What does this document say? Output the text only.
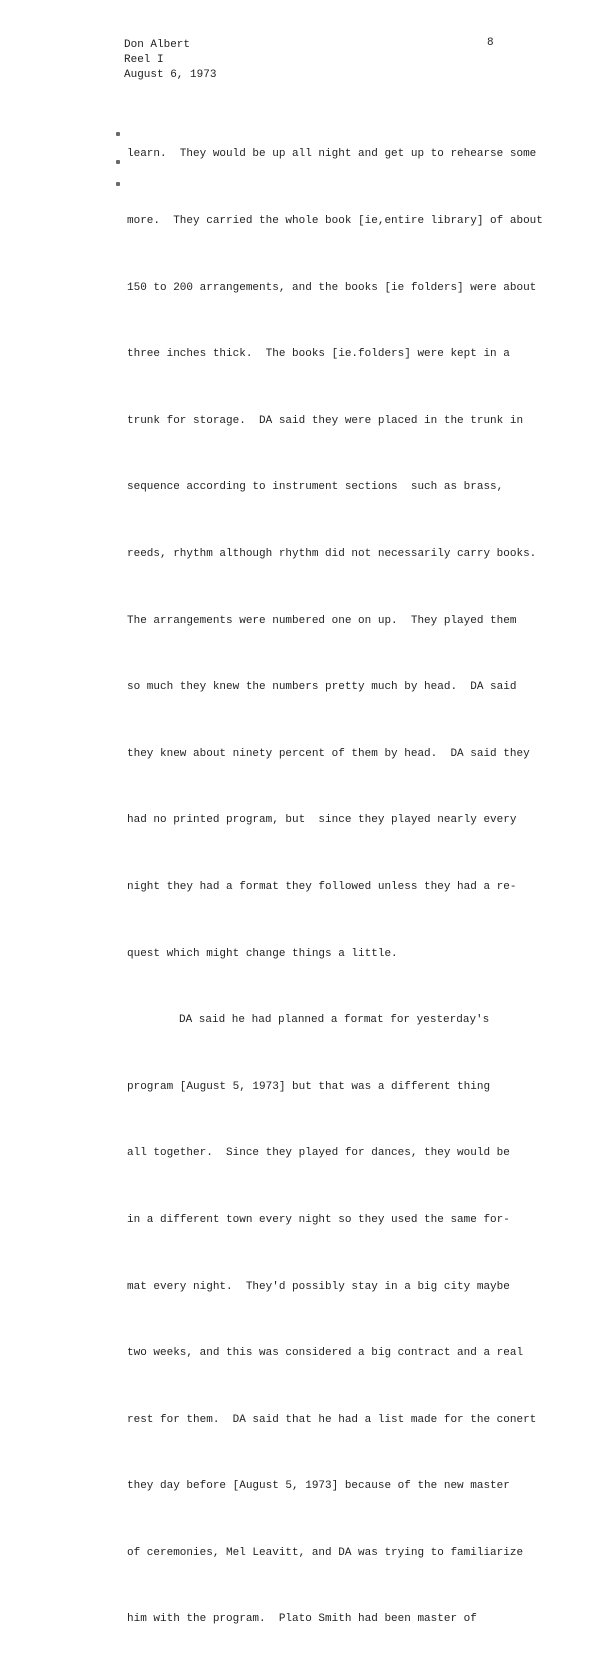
Don Albert
Reel I
August 6, 1973
8

learn.  They would be up all night and get up to rehearse some

more.  They carried the whole book [ie,entire library] of about

150 to 200 arrangements, and the books [ie folders] were about

three inches thick.  The books [ie.folders] were kept in a

trunk for storage.  DA said they were placed in the trunk in

sequence according to instrument sections  such as brass,

reeds, rhythm although rhythm did not necessarily carry books.

The arrangements were numbered one on up.  They played them

so much they knew the numbers pretty much by head.  DA said

they knew about ninety percent of them by head.  DA said they

had no printed program, but  since they played nearly every

night they had a format they followed unless they had a re-

quest which might change things a little.

DA said he had planned a format for yesterday's

program [August 5, 1973] but that was a different thing

all together.  Since they played for dances, they would be

in a different town every night so they used the same for-

mat every night.  They'd possibly stay in a big city maybe

two weeks, and this was considered a big contract and a real

rest for them.  DA said that he had a list made for the conert

they day before [August 5, 1973] because of the new master

of ceremonies, Mel Leavitt, and DA was trying to familiarize

him with the program.  Plato Smith had been master of
